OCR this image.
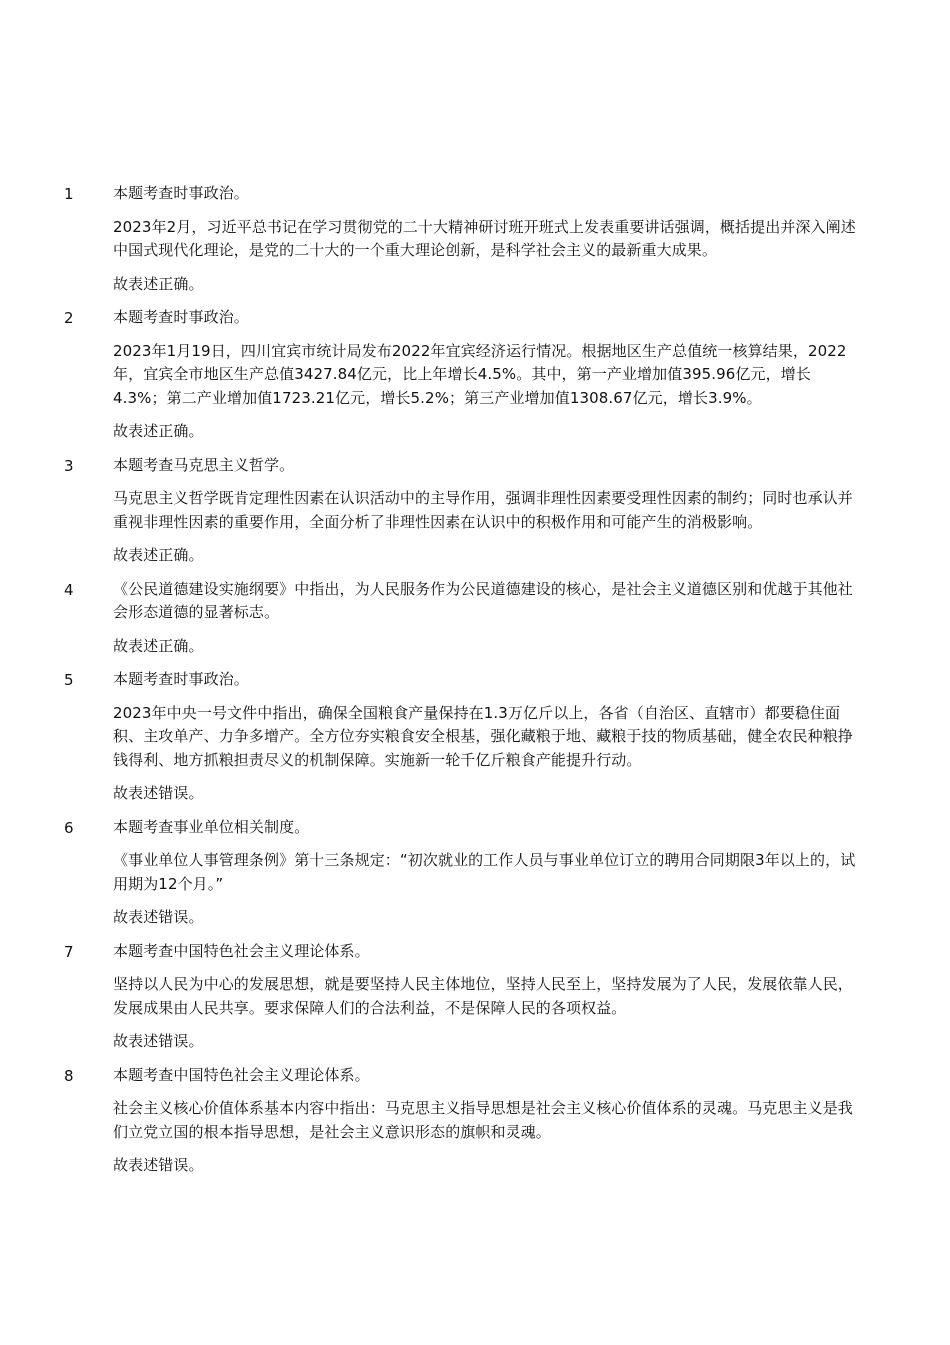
1	本题考查时事政治。

2023年2月，习近平总书记在学习贯彻党的二十大精神研讨班开班式上发表重要讲话强调，概括提出并深入阐述中国式现代化理论，是党的二十大的一个重大理论创新，是科学社会主义的最新重大成果。

故表述正确。

2	本题考查时事政治。

2023年1月19日，四川宜宾市统计局发布2022年宜宾经济运行情况。根据地区生产总值统一核算结果，2022年，宜宾全市地区生产总值3427.84亿元，比上年增长4.5%。其中，第一产业增加值395.96亿元，增长4.3%；第二产业增加值1723.21亿元，增长5.2%；第三产业增加值1308.67亿元，增长3.9%。

故表述正确。

3	本题考查马克思主义哲学。

马克思主义哲学既肯定理性因素在认识活动中的主导作用，强调非理性因素要受理性因素的制约；同时也承认并重视非理性因素的重要作用，全面分析了非理性因素在认识中的积极作用和可能产生的消极影响。

故表述正确。

4	《公民道德建设实施纲要》中指出，为人民服务作为公民道德建设的核心，是社会主义道德区别和优越于其他社会形态道德的显著标志。

故表述正确。

5	本题考查时事政治。

2023年中央一号文件中指出，确保全国粮食产量保持在1.3万亿斤以上，各省（自治区、直辖市）都要稳住面积、主攻单产、力争多增产。全方位夯实粮食安全根基，强化藏粮于地、藏粮于技的物质基础，健全农民种粮挣钱得利、地方抓粮担责尽义的机制保障。实施新一轮千亿斤粮食产能提升行动。

故表述错误。

6	本题考查事业单位相关制度。

《事业单位人事管理条例》第十三条规定：“初次就业的工作人员与事业单位订立的聘用合同期限3年以上的，试用期为12个月。”

故表述错误。

7	本题考查中国特色社会主义理论体系。

坚持以人民为中心的发展思想，就是要坚持人民主体地位，坚持人民至上，坚持发展为了人民，发展依靠人民，发展成果由人民共享。要求保障人们的合法利益，不是保障人民的各项权益。

故表述错误。

8	本题考查中国特色社会主义理论体系。

社会主义核心价值体系基本内容中指出：马克思主义指导思想是社会主义核心价值体系的灵魂。马克思主义是我们立党立国的根本指导思想，是社会主义意识形态的旗帜和灵魂。

故表述错误。
